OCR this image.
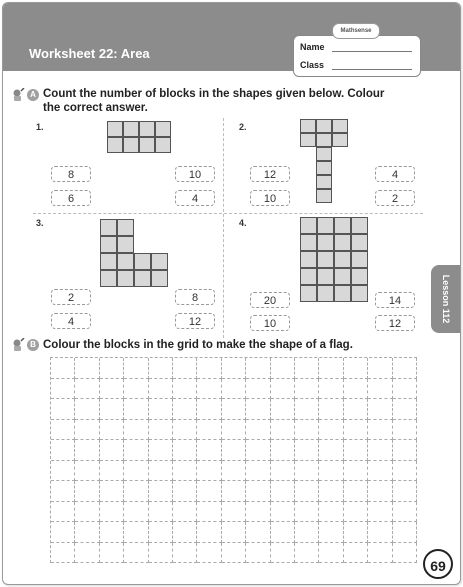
Worksheet 22: Area	Name
Class
Mathsense
A Count the number of blocks in the shapes given below. Colour the correct answer.
1.
8	10
6	4
2.
12	4
10	2
3.
2	8
4	12
4.
20	14
10	12
B Colour the blocks in the grid to make the shape of a flag.
Lesson 112
69
